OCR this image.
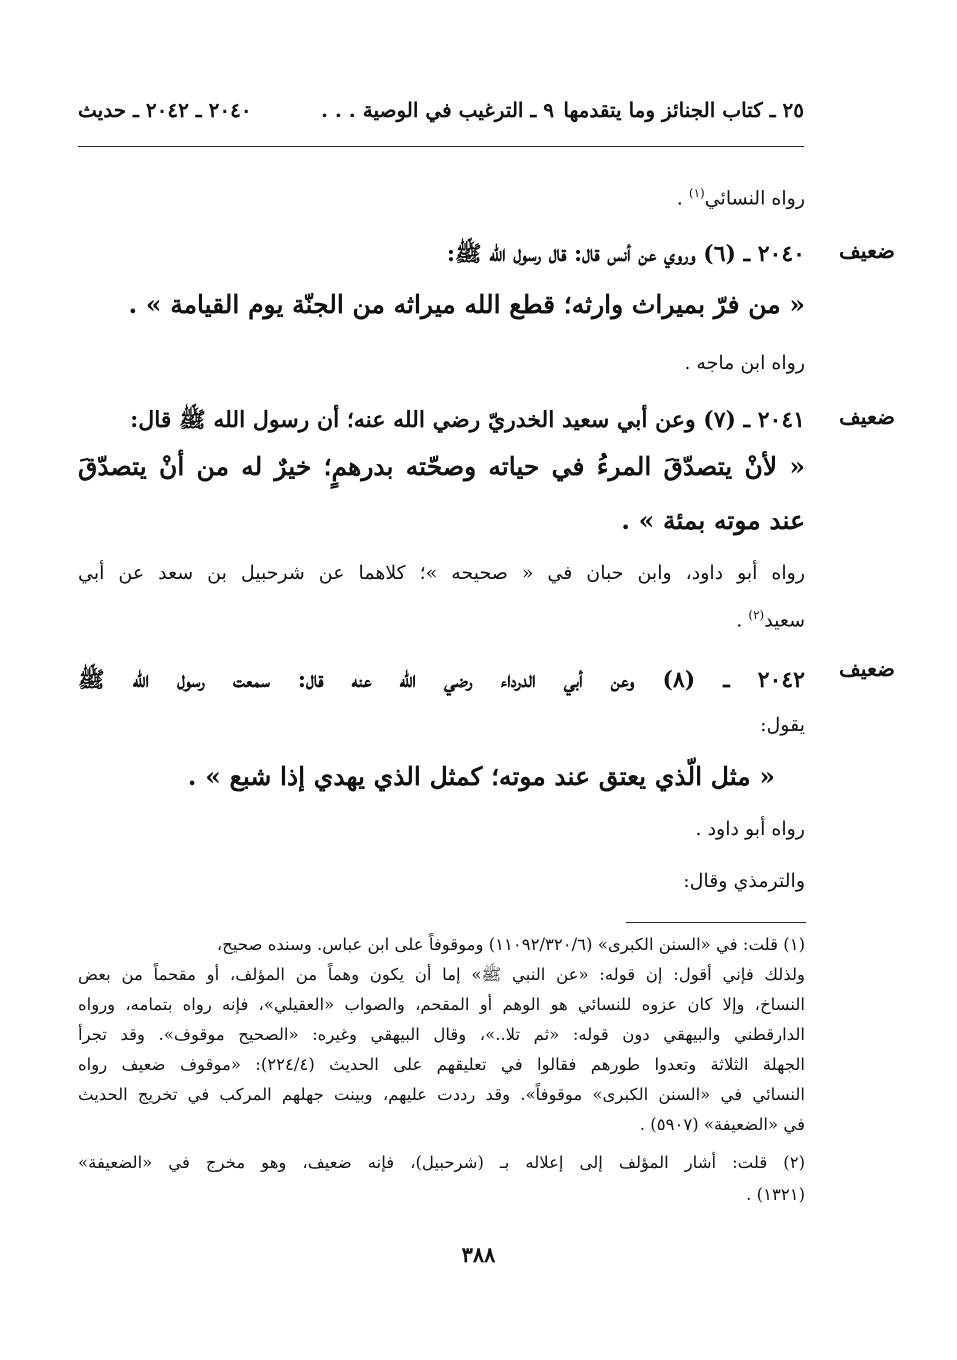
٢٥ ـ كتاب الجنائز وما يتقدمها
٩ ـ الترغيب في الوصية . . .
٢٠٤٠ ـ ٢٠٤٢ ـ حديث
رواه النسائي$^{(١)}$ .
ضعيف
٢٠٤٠ ـ (٦) وروي عن أنس قال: قال رسول الله ﷺ:
« من فرّ بميراث وارثه؛ قطع الله ميراثه من الجنّة يوم القيامة » .
رواه ابن ماجه .
ضعيف
٢٠٤١ ـ (٧) وعن أبي سعيد الخدريّ رضي الله عنه؛ أن رسول الله ﷺ قال:
« لأنْ يتصدّقَ المرءُ في حياته وصحّته بدرهمٍ؛ خيرٌ له من أنْ يتصدّقَ
عند موته بمئة » .
رواه أبو داود، وابن حبان في « صحيحه »؛ كلاهما عن شرحبيل بن سعد عن أبي
سعيد$^{(٢)}$ .
ضعيف
٢٠٤٢ ـ (٨) وعن أبي الدرداء رضي الله عنه قال: سمعت رسول الله ﷺ
يقول:
« مثل الّذي يعتق عند موته؛ كمثل الذي يهدي إذا شبع » .
رواه أبو داود .
والترمذي وقال:
(١) قلت: في «السنن الكبرى» (١١٠٩٢/٣٢٠/٦) وموقوفاً على ابن عباس. وسنده صحيح،
ولذلك فإني أقول: إن قوله: «عن النبي ﷺ» إما أن يكون وهماً من المؤلف، أو مقحماً من بعض
النساخ، وإلا كان عزوه للنسائي هو الوهم أو المقحم، والصواب «العقيلي»، فإنه رواه بتمامه، ورواه
الدارقطني والبيهقي دون قوله: «ثم تلا..»، وقال البيهقي وغيره: «الصحيح موقوف». وقد تجرأ
الجهلة الثلاثة وتعدوا طورهم فقالوا في تعليقهم على الحديث (٢٢٤/٤): «موقوف ضعيف رواه
النسائي في «السنن الكبرى» موقوفاً». وقد رددت عليهم، وبينت جهلهم المركب في تخريج الحديث
في «الضعيفة» (٥٩٠٧) .
(٢) قلت: أشار المؤلف إلى إعلاله بـ (شرحبيل)، فإنه ضعيف، وهو مخرج في «الضعيفة»
(١٣٢١) .
٣٨٨
